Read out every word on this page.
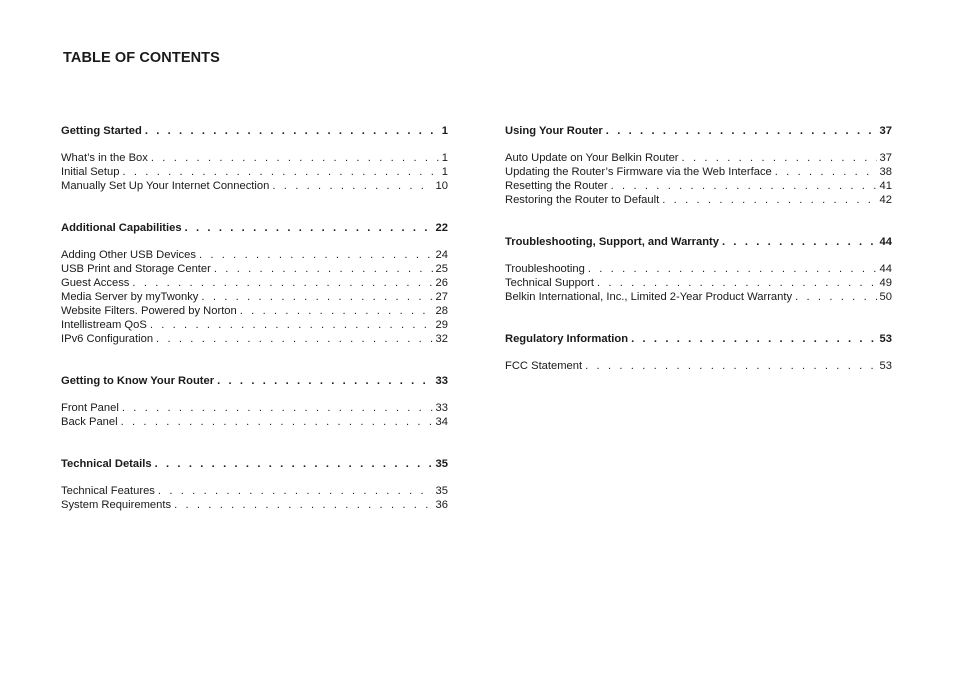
TABLE OF CONTENTS
Getting Started . . .	1
What’s in the Box . . .	1
Initial Setup . . .	1
Manually Set Up Your Internet Connection . . .	10
Additional Capabilities . . .	22
Adding Other USB Devices . . .	24
USB Print and Storage Center . . .	25
Guest Access . . .	26
Media Server by myTwonky . . .	27
Website Filters. Powered by Norton . . .	28
Intellistream QoS . . .	29
IPv6 Configuration . . .	32
Getting to Know Your Router . . .	33
Front Panel . . .	33
Back Panel . . .	34
Technical Details . . .	35
Technical Features . . .	35
System Requirements . . .	36
Using Your Router . . .	37
Auto Update on Your Belkin Router . . .	37
Updating the Router’s Firmware via the Web Interface . . .	38
Resetting the Router . . .	41
Restoring the Router to Default . . .	42
Troubleshooting, Support, and Warranty . . .	44
Troubleshooting . . .	44
Technical Support . . .	49
Belkin International, Inc., Limited 2-Year Product Warranty . . .	50
Regulatory Information . . .	53
FCC Statement . . .	53
